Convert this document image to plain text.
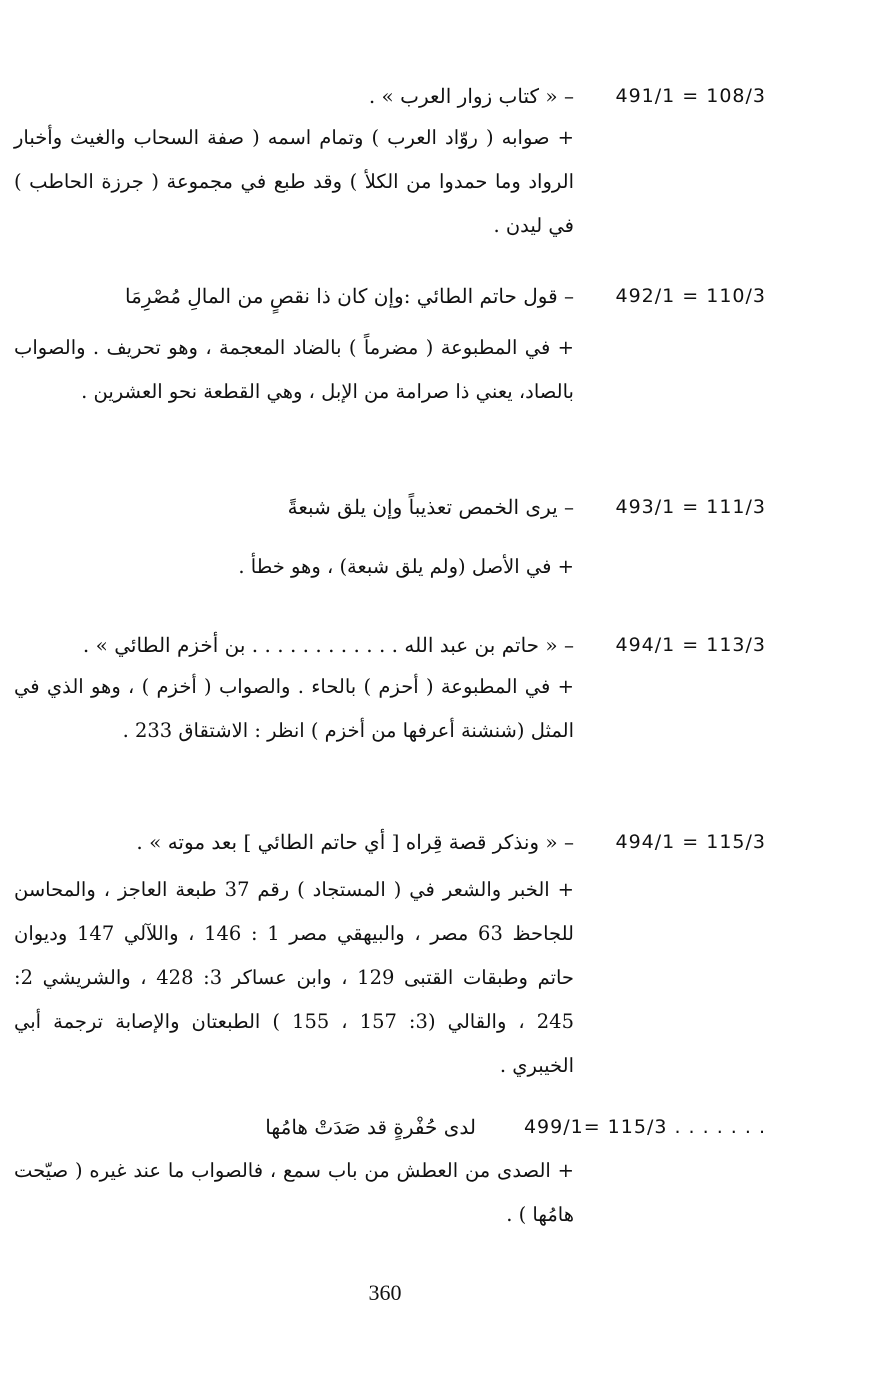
491/1 = 108/3
– « كتاب زوار العرب » .
+ صوابه ( روّاد العرب ) وتمام اسمه ( صفة السحاب والغيث وأخبار الرواد وما حمدوا من الكلأ ) وقد طبع في مجموعة ( جرزة الحاطب ) في ليدن .
492/1 = 110/3
– قول حاتم الطائي :وإن كان ذا نقصٍ من المالِ مُصْرِمَا
+ في المطبوعة ( مضرماً ) بالضاد المعجمة ، وهو تحريف . والصواب بالصاد، يعني ذا صرامة من الإبل ، وهي القطعة نحو العشرين .
493/1 = 111/3
– يرى الخمص تعذيباً وإن يلق شبعةً
+ في الأصل (ولم يلق شبعة) ، وهو خطأ .
494/1 = 113/3
– « حاتم بن عبد الله . . . . . . . . . . . . بن أخزم الطائي » .
+ في المطبوعة ( أحزم ) بالحاء . والصواب ( أخزم ) ، وهو الذي في المثل (شنشنة أعرفها من أخزم ) انظر : الاشتقاق 233 .
494/1 = 115/3
– « ونذكر قصة قِراه [ أي حاتم الطائي ] بعد موته » .
+ الخبر والشعر في ( المستجاد ) رقم 37 طبعة العاجز ، والمحاسن للجاحظ 63 مصر ، والبيهقي مصر 1 : 146 ، واللآلي 147 وديوان حاتم وطبقات القتبى 129 ، وابن عساكر 3: 428 ، والشريشي 2: 245 ، والقالي (3: 157 ، 155 ) الطبعتان والإصابة ترجمة أبي الخيبري .
499/1= 115/3 . . . . . . .
لدى حُفْرةٍ قد صَدَتْ هامُها
+ الصدى من العطش من باب سمع ، فالصواب ما عند غيره ( صيّحت هامُها ) .
360
